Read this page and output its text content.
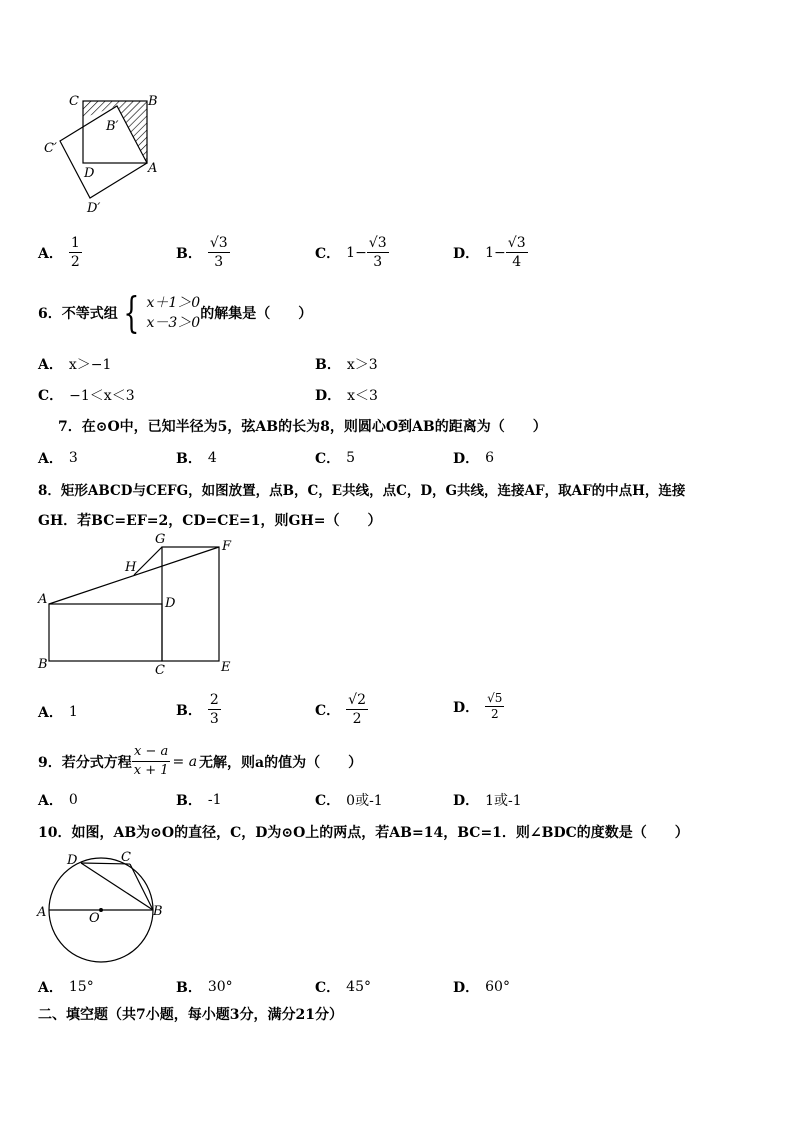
C	B
B′
C′
D	A
D′
A． $\frac{1}{2}$	B． $\frac{√3}{3}$	C． $1- \frac{√3}{3}$	D． $1- \frac{√3}{4}$
6．不等式组 { x＋1＞0
x－3＞0
的解集是（　　）
A． x＞−1	B． x＞3
C． −1＜x＜3	D． x＜3
7．在⊙O中，已知半径为5，弦AB的长为8，则圆心O到AB的距离为（　　）
A． 3	B． 4	C． 5	D． 6
8．矩形ABCD与CEFG，如图放置，点B，C，E共线，点C，D，G共线，连接AF，取AF的中点H，连接
GH．若BC=EF=2，CD=CE=1，则GH=（　　）
G	F
H
A	D
B	C	E
A． 1	B． $\frac{2}{3}$	C． $\frac{√2}{2}$	D． $\frac{√5}{2}$
9．若分式方程 $\frac{x - a}{x + 1} = a$ 无解，则a的值为（　　）
A． 0	B． -1	C． 0或-1	D． 1或-1
10．如图，AB为⊙O的直径，C，D为⊙O上的两点，若AB=14，BC=1．则∠BDC的度数是（　　）
D	C
A	O	B
A． 15°	B． 30°	C． 45°	D． 60°
二、填空题（共7小题，每小题3分，满分21分）
